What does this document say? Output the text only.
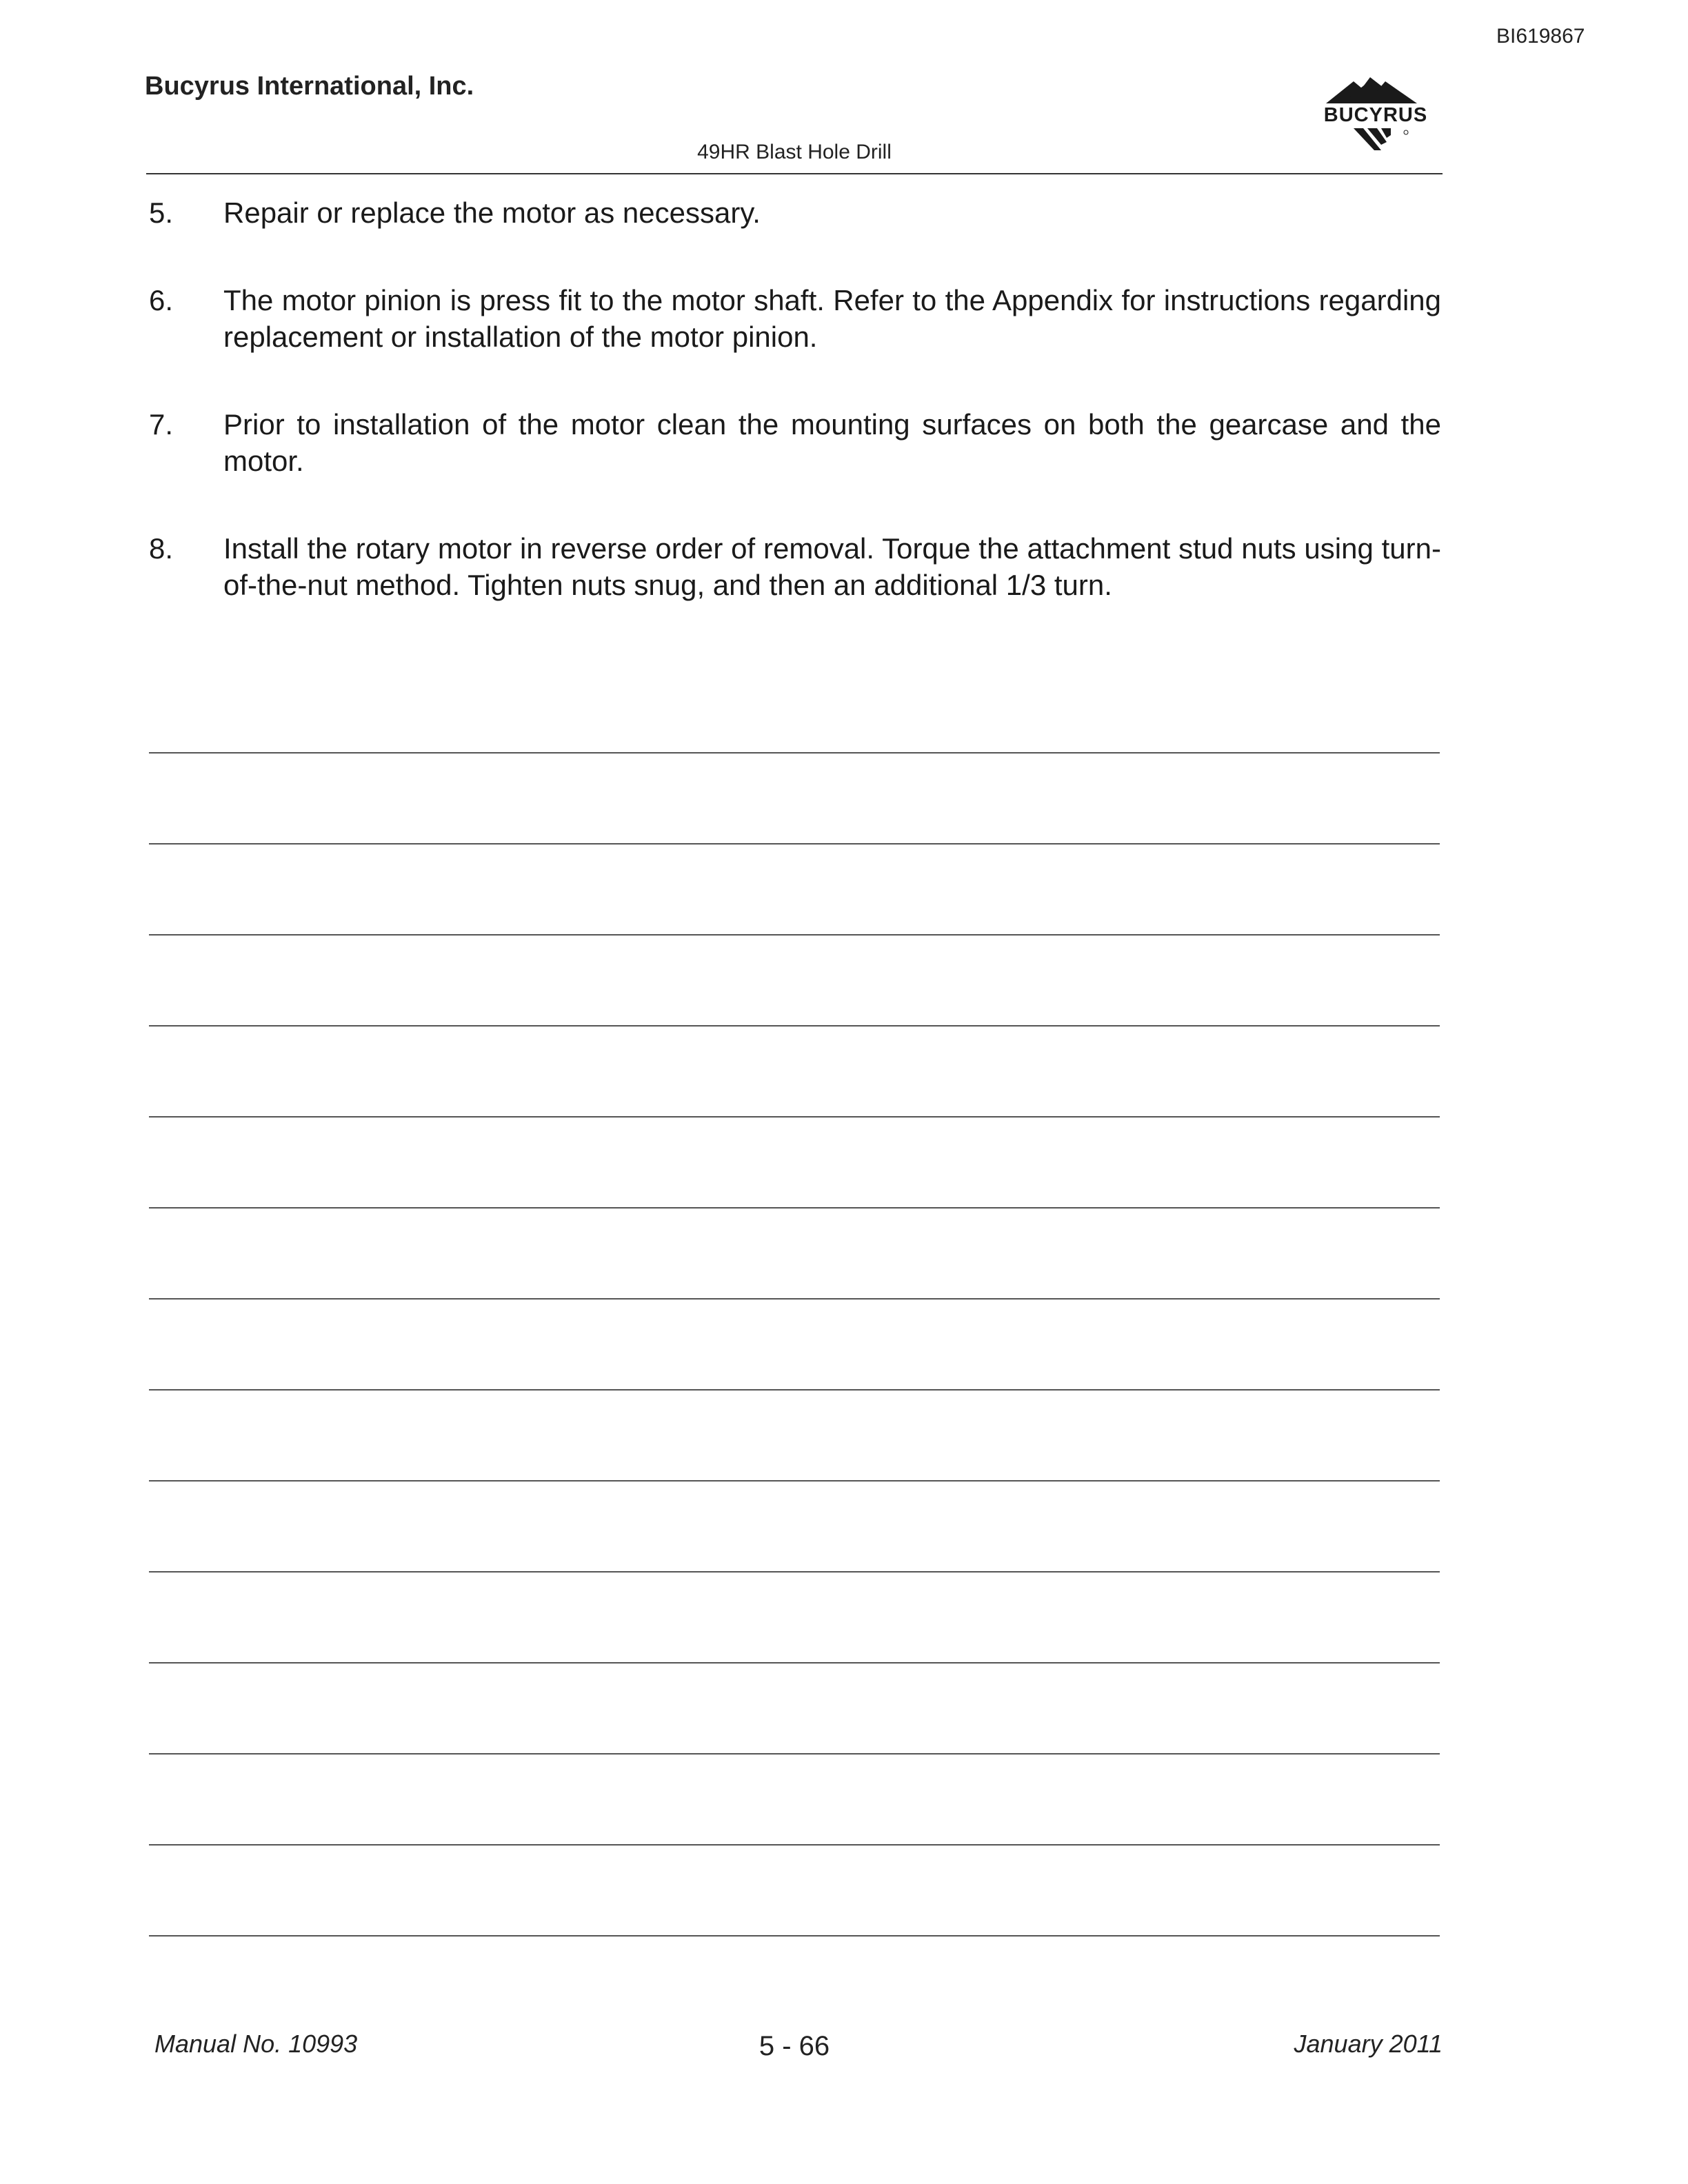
BI619867
Bucyrus International, Inc.
BUCYRUS
49HR Blast Hole Drill
5.	Repair or replace the motor as necessary.
6.	The motor pinion is press fit to the motor shaft. Refer to the Appendix for instructions regarding replacement or installation of the motor pinion.
7.	Prior to installation of the motor clean the mounting surfaces on both the gearcase and the motor.
8.	Install the rotary motor in reverse order of removal. Torque the attachment stud nuts using turn-of-the-nut method. Tighten nuts snug, and then an additional 1/3 turn.
Manual No. 10993	5 - 66	January 2011
